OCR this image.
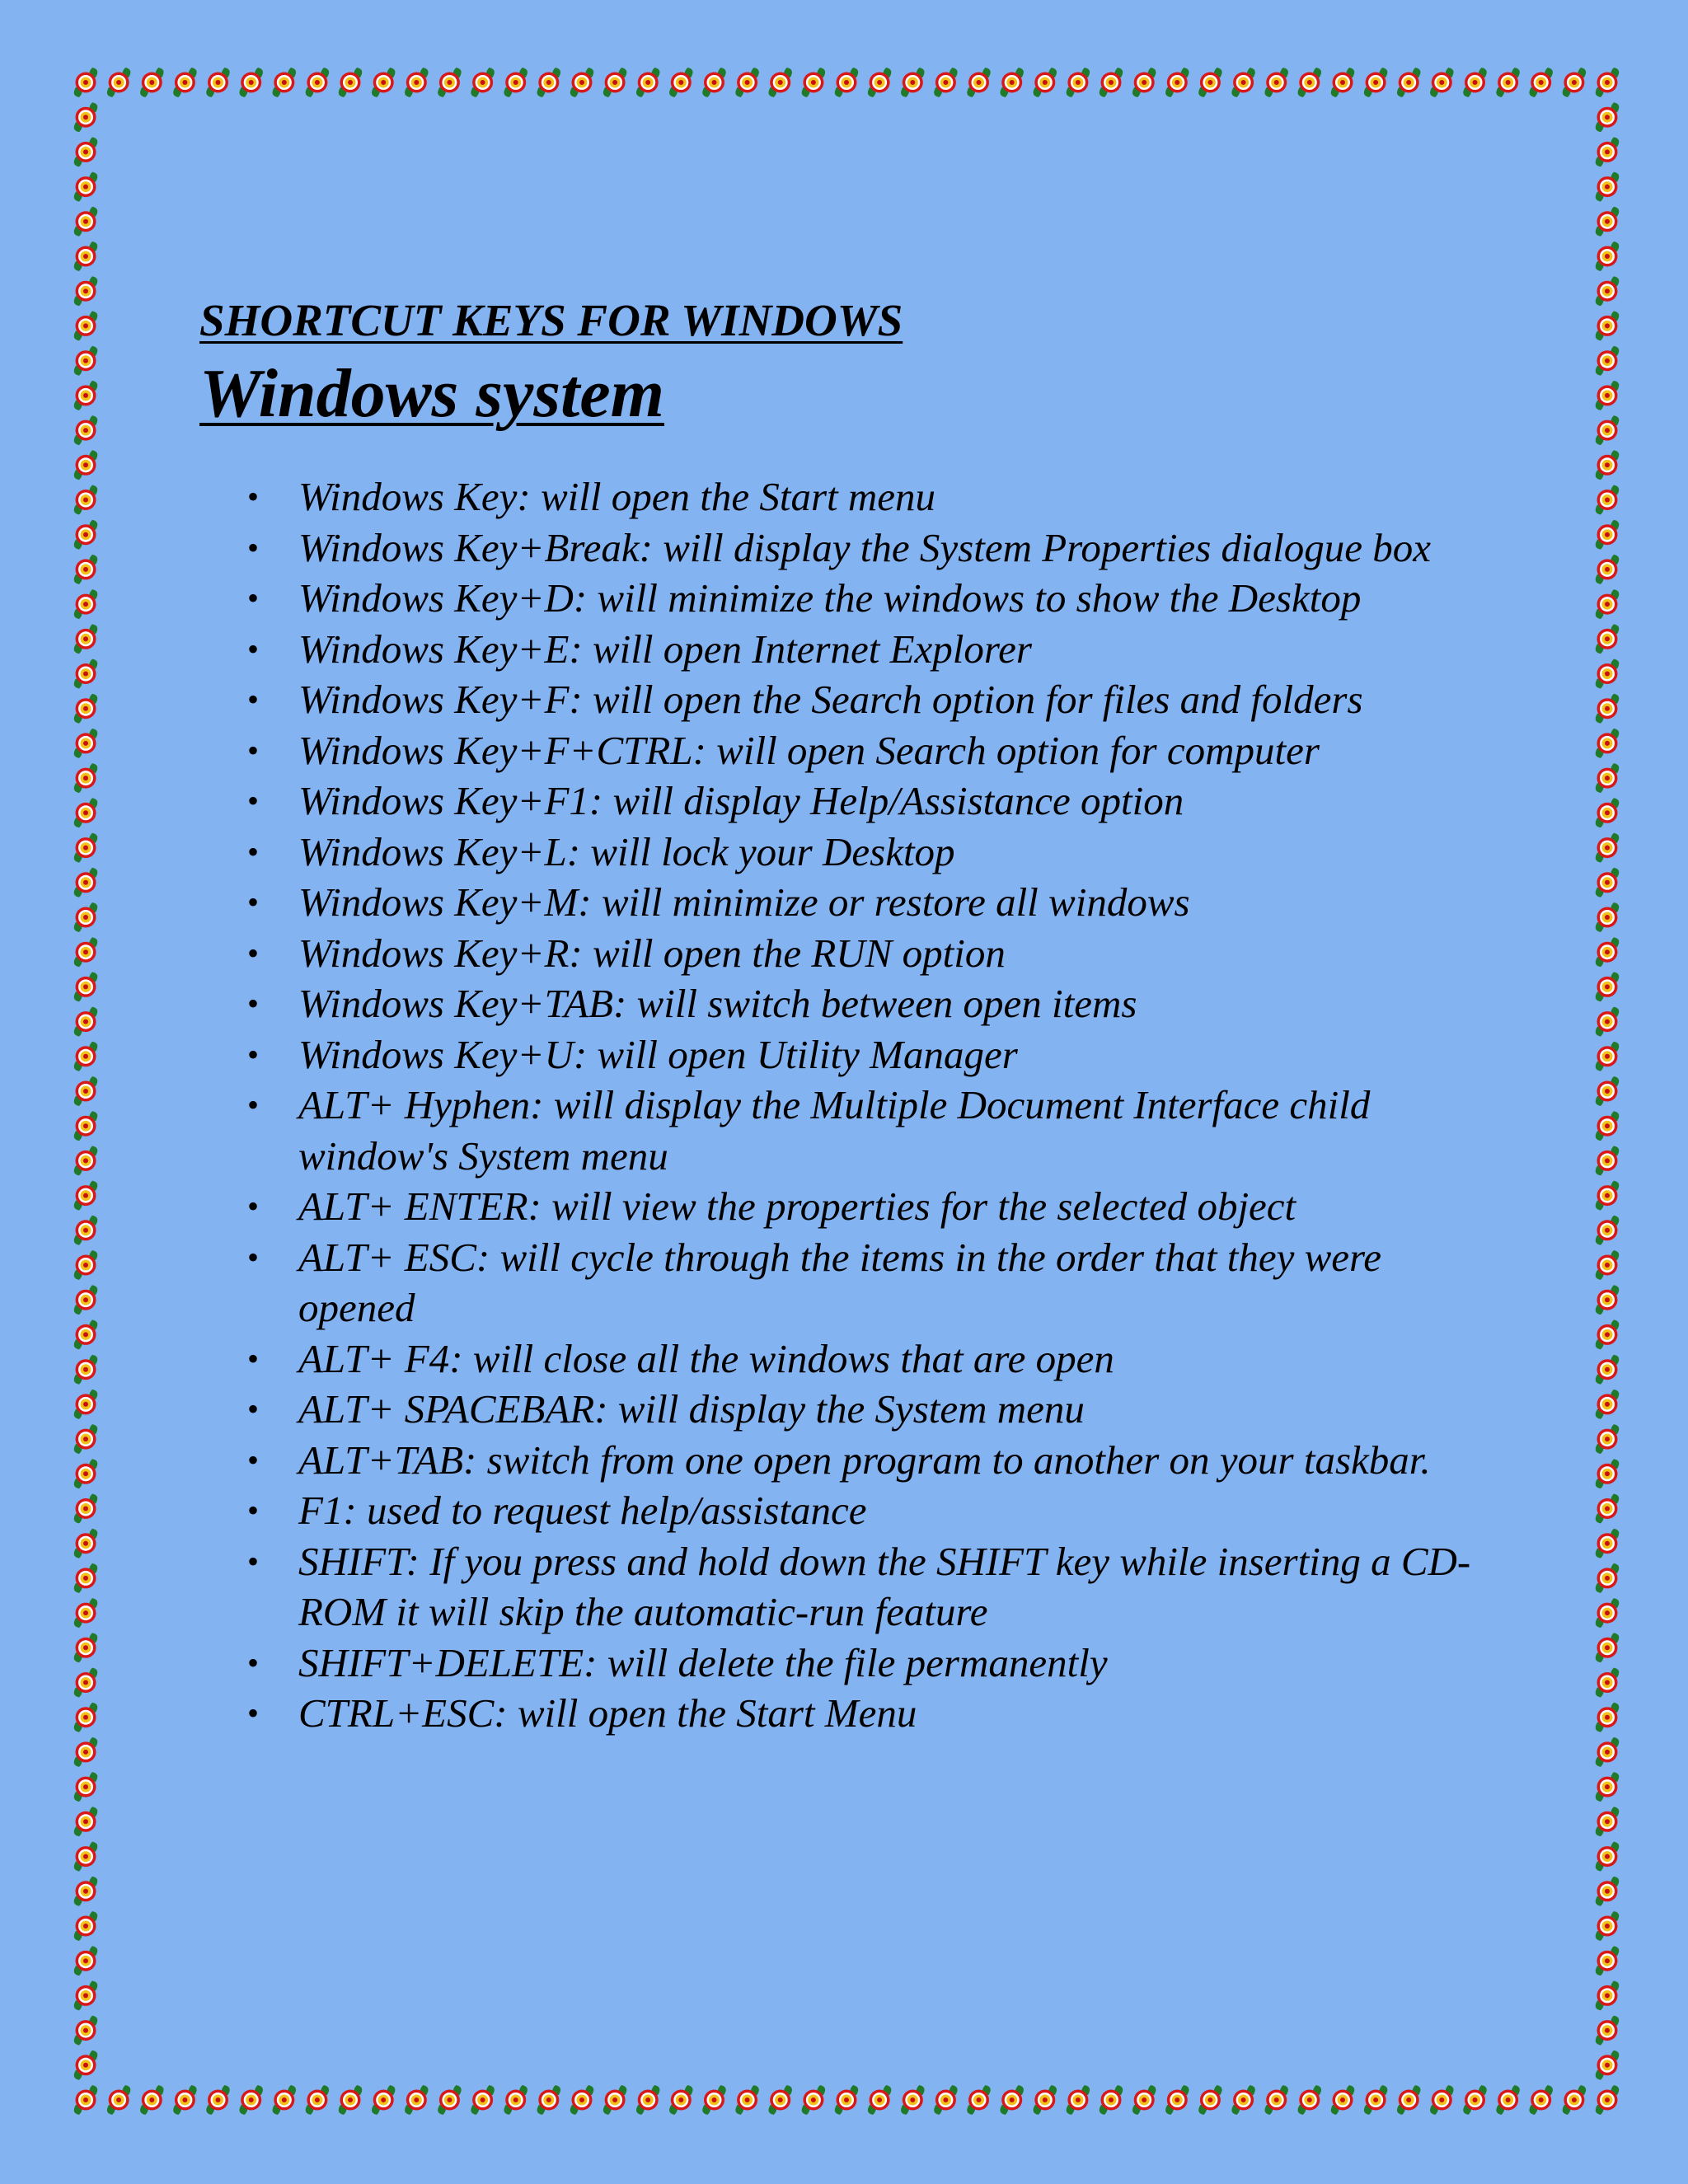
SHORTCUT KEYS FOR WINDOWS
Windows system
• Windows Key: will open the Start menu
• Windows Key+Break: will display the System Properties dialogue box
• Windows Key+D: will minimize the windows to show the Desktop
• Windows Key+E: will open Internet Explorer
• Windows Key+F: will open the Search option for files and folders
• Windows Key+F+CTRL: will open Search option for computer
• Windows Key+F1: will display Help/Assistance option
• Windows Key+L: will lock your Desktop
• Windows Key+M: will minimize or restore all windows
• Windows Key+R: will open the RUN option
• Windows Key+TAB: will switch between open items
• Windows Key+U: will open Utility Manager
• ALT+ Hyphen: will display the Multiple Document Interface child window's System menu
• ALT+ ENTER: will view the properties for the selected object
• ALT+ ESC: will cycle through the items in the order that they were opened
• ALT+ F4: will close all the windows that are open
• ALT+ SPACEBAR: will display the System menu
• ALT+TAB: switch from one open program to another on your taskbar.
• F1: used to request help/assistance
• SHIFT: If you press and hold down the SHIFT key while inserting a CD-ROM it will skip the automatic-run feature
• SHIFT+DELETE: will delete the file permanently
• CTRL+ESC: will open the Start Menu
